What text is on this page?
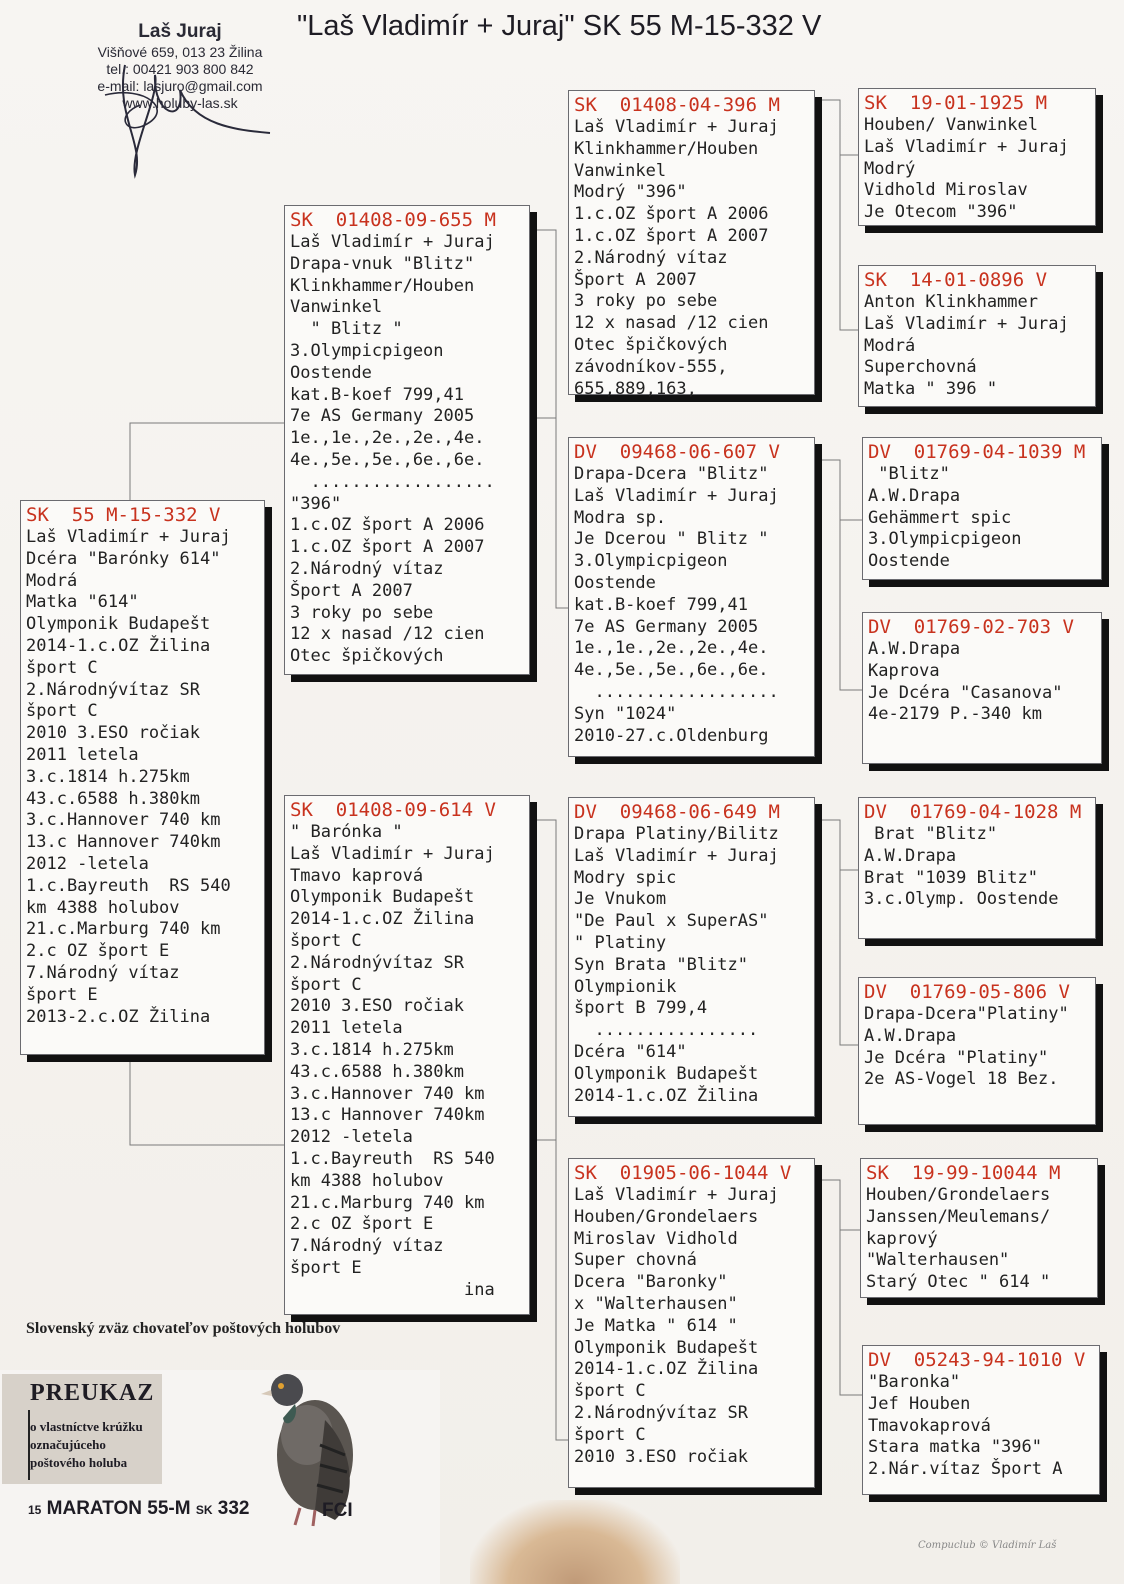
Laš Juraj
Višňové 659, 013 23 Žilina
tel.: 00421 903 800 842
e-mail: lasjuro@gmail.com
www.holuby-las.sk
"Laš Vladimír + Juraj" SK 55 M-15-332 V
SK  55 M-15-332 V
Laš Vladimír + Juraj
Dcéra "Barónky 614"
Modrá
Matka "614"
Olymponik Budapešt
2014-1.c.OZ Žilina
šport C
2.Národnývítaz SR
šport C
2010 3.ESO ročiak
2011 letela
3.c.1814 h.275km
43.c.6588 h.380km
3.c.Hannover 740 km
13.c Hannover 740km
2012 -letela
1.c.Bayreuth  RS 540
km 4388 holubov
21.c.Marburg 740 km
2.c OZ šport E
7.Národný vítaz
šport E
2013-2.c.OZ Žilina
SK  01408-09-655 M
Laš Vladimír + Juraj
Drapa-vnuk "Blitz"
Klinkhammer/Houben
Vanwinkel
" Blitz "
3.Olympicpigeon
Oostende
kat.B-koef 799,41
7e AS Germany 2005
1e.,1e.,2e.,2e.,4e.
4e.,5e.,5e.,6e.,6e.
..................
"396"
1.c.OZ šport A 2006
1.c.OZ šport A 2007
2.Národný vítaz
Šport A 2007
3 roky po sebe
12 x nasad /12 cien
Otec špičkových
SK  01408-09-614 V
" Barónka "
Laš Vladimír + Juraj
Tmavo kaprová
Olymponik Budapešt
2014-1.c.OZ Žilina
šport C
2.Národnývítaz SR
šport C
2010 3.ESO ročiak
2011 letela
3.c.1814 h.275km
43.c.6588 h.380km
3.c.Hannover 740 km
13.c Hannover 740km
2012 -letela
1.c.Bayreuth  RS 540
km 4388 holubov
21.c.Marburg 740 km
2.c OZ šport E
7.Národný vítaz
šport E
ina
SK  01408-04-396 M
Laš Vladimír + Juraj
Klinkhammer/Houben
Vanwinkel
Modrý "396"
1.c.OZ šport A 2006
1.c.OZ šport A 2007
2.Národný vítaz
Šport A 2007
3 roky po sebe
12 x nasad /12 cien
Otec špičkových
závodníkov-555,
655,889,163,
DV  09468-06-607 V
Drapa-Dcera "Blitz"
Laš Vladimír + Juraj
Modra sp.
Je Dcerou " Blitz "
3.Olympicpigeon
Oostende
kat.B-koef 799,41
7e AS Germany 2005
1e.,1e.,2e.,2e.,4e.
4e.,5e.,5e.,6e.,6e.
..................
Syn "1024"
2010-27.c.Oldenburg
DV  09468-06-649 M
Drapa Platiny/Bilitz
Laš Vladimír + Juraj
Modry spic
Je Vnukom
"De Paul x SuperAS"
" Platiny
Syn Brata "Blitz"
Olympionik
šport B 799,4
................
Dcéra "614"
Olymponik Budapešt
2014-1.c.OZ Žilina
SK  01905-06-1044 V
Laš Vladimír + Juraj
Houben/Grondelaers
Miroslav Vidhold
Super chovná
Dcera "Baronky"
x "Walterhausen"
Je Matka " 614 "
Olymponik Budapešt
2014-1.c.OZ Žilina
šport C
2.Národnývítaz SR
šport C
2010 3.ESO ročiak
SK  19-01-1925 M
Houben/ Vanwinkel
Laš Vladimír + Juraj
Modrý
Vidhold Miroslav
Je Otecom "396"
SK  14-01-0896 V
Anton Klinkhammer
Laš Vladimír + Juraj
Modrá
Superchovná
Matka " 396 "
DV  01769-04-1039 M
"Blitz"
A.W.Drapa
Gehämmert spic
3.Olympicpigeon
Oostende
DV  01769-02-703 V
A.W.Drapa
Kaprova
Je Dcéra "Casanova"
4e-2179 P.-340 km
DV  01769-04-1028 M
Brat "Blitz"
A.W.Drapa
Brat "1039 Blitz"
3.c.Olymp. Oostende
DV  01769-05-806 V
Drapa-Dcera"Platiny"
A.W.Drapa
Je Dcéra "Platiny"
2e AS-Vogel 18 Bez.
SK  19-99-10044 M
Houben/Grondelaers
Janssen/Meulemans/
kaprový
"Walterhausen"
Starý Otec " 614 "
DV  05243-94-1010 V
"Baronka"
Jef Houben
Tmavokaprová
Stara matka "396"
2.Nár.vítaz Šport A
Slovenský zväz chovateľov poštových holubov
PREUKAZ
o vlastníctve krúžku
označujúceho
poštového holuba
15 MARATON 55-M SK 332	FCI
Compuclub © Vladimír Laš
